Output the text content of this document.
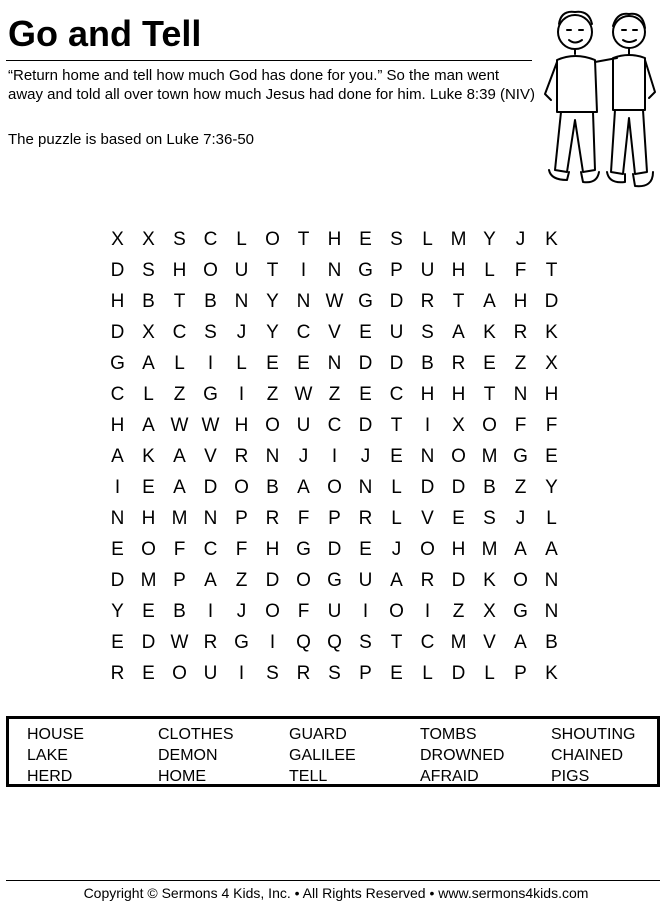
Go and Tell
“Return home and tell how much God has done for you.” So the man went away and told all over town how much Jesus had done for him. Luke 8:39 (NIV)
The puzzle is based on Luke 7:36-50
X X S C L O T H E S	L M Y	J	K
D S H O U T	I	N G P U H L	F	T
H B T B N Y N W G D R T A H D
D X C S	J	Y C V E U S A K R K
G A	L	I	L	E E N D D B R E Z X
C L	Z G	I	Z W Z E C H H T N H
H A W W H O U C D T	I	X O F	F
A K A V R N	J	I	J	E N O M G E
I	E A D O B A O N L D D B Z Y
N H M N P R F P R L	V E S	J	L
E O F C F H G D E	J O H M A A
D M P A Z D O G U A R D K O N
Y E B	I	J O F U	I	O	I	Z X G N
E D W R G	I	Q Q S T C M V A B
R E O U	I	S R S P E	L D L	P K
HOUSE	CLOTHES	GUARD	TOMBS	SHOUTING
LAKE	DEMON	GALILEE	DROWNED	CHAINED
HERD	HOME	TELL	AFRAID	PIGS
Copyright © Sermons 4 Kids, Inc. • All Rights Reserved • www.sermons4kids.com
